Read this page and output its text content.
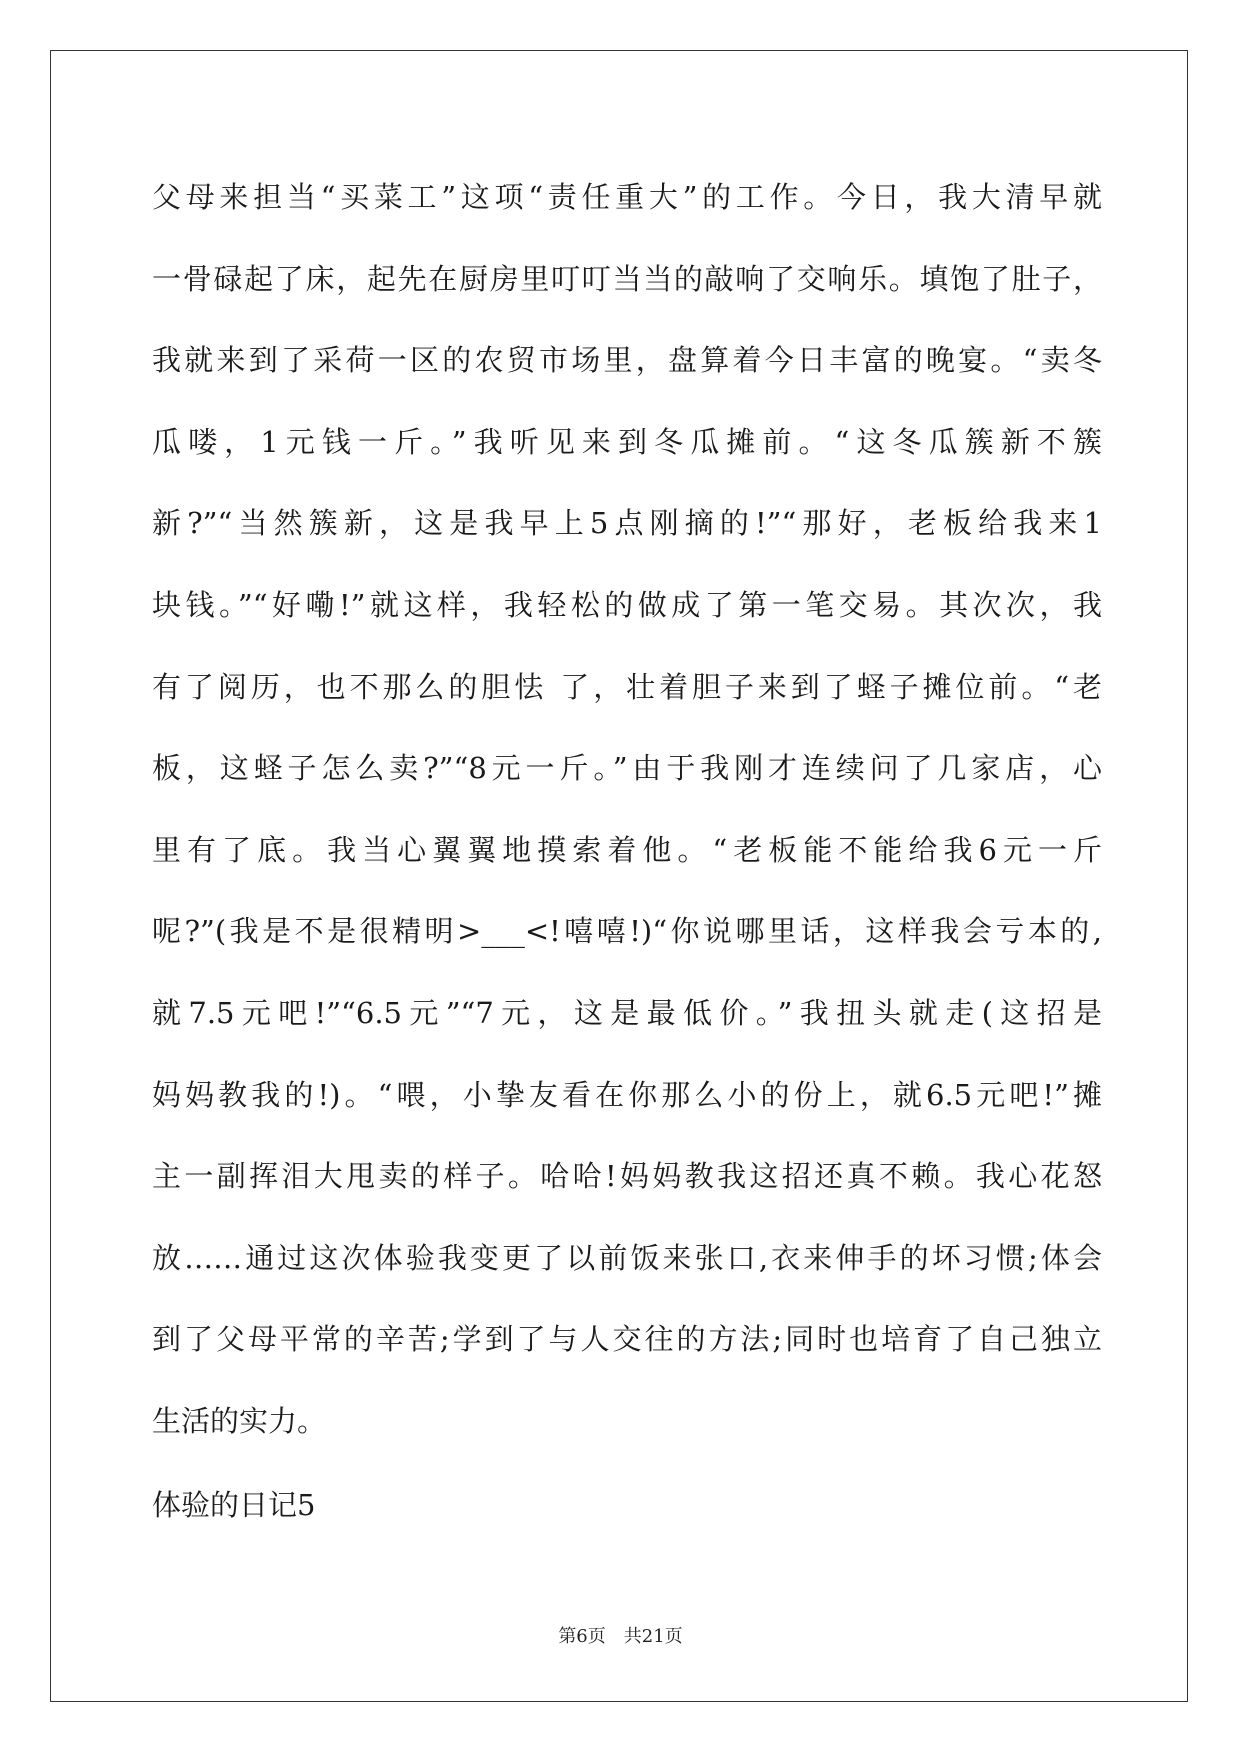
父母来担当“买菜工”这项“责任重大”的工作。今日，我大清早就
一骨碌起了床，起先在厨房里叮叮当当的敲响了交响乐。填饱了肚子，
我就来到了采荷一区的农贸市场里，盘算着今日丰富的晚宴。“卖冬
瓜喽，1元钱一斤。”我听见来到冬瓜摊前。“这冬瓜簇新不簇
新?”“当然簇新，这是我早上5点刚摘的!”“那好，老板给我来1
块钱。”“好嘞!”就这样，我轻松的做成了第一笔交易。其次次，我
有了阅历，也不那么的胆怯 了，壮着胆子来到了蛏子摊位前。“老
板，这蛏子怎么卖?”“8元一斤。”由于我刚才连续问了几家店，心
里有了底。我当心翼翼地摸索着他。“老板能不能给我6元一斤
呢?”(我是不是很精明>___<!嘻嘻!)“你说哪里话，这样我会亏本的,
就7.5元吧!”“6.5元”“7元，这是最低价。”我扭头就走(这招是
妈妈教我的!)。“喂，小挚友看在你那么小的份上，就6.5元吧!”摊
主一副挥泪大甩卖的样子。哈哈!妈妈教我这招还真不赖。我心花怒
放……通过这次体验我变更了以前饭来张口,衣来伸手的坏习惯;体会
到了父母平常的辛苦;学到了与人交往的方法;同时也培育了自己独立
生活的实力。
体验的日记5
第6页　共21页
